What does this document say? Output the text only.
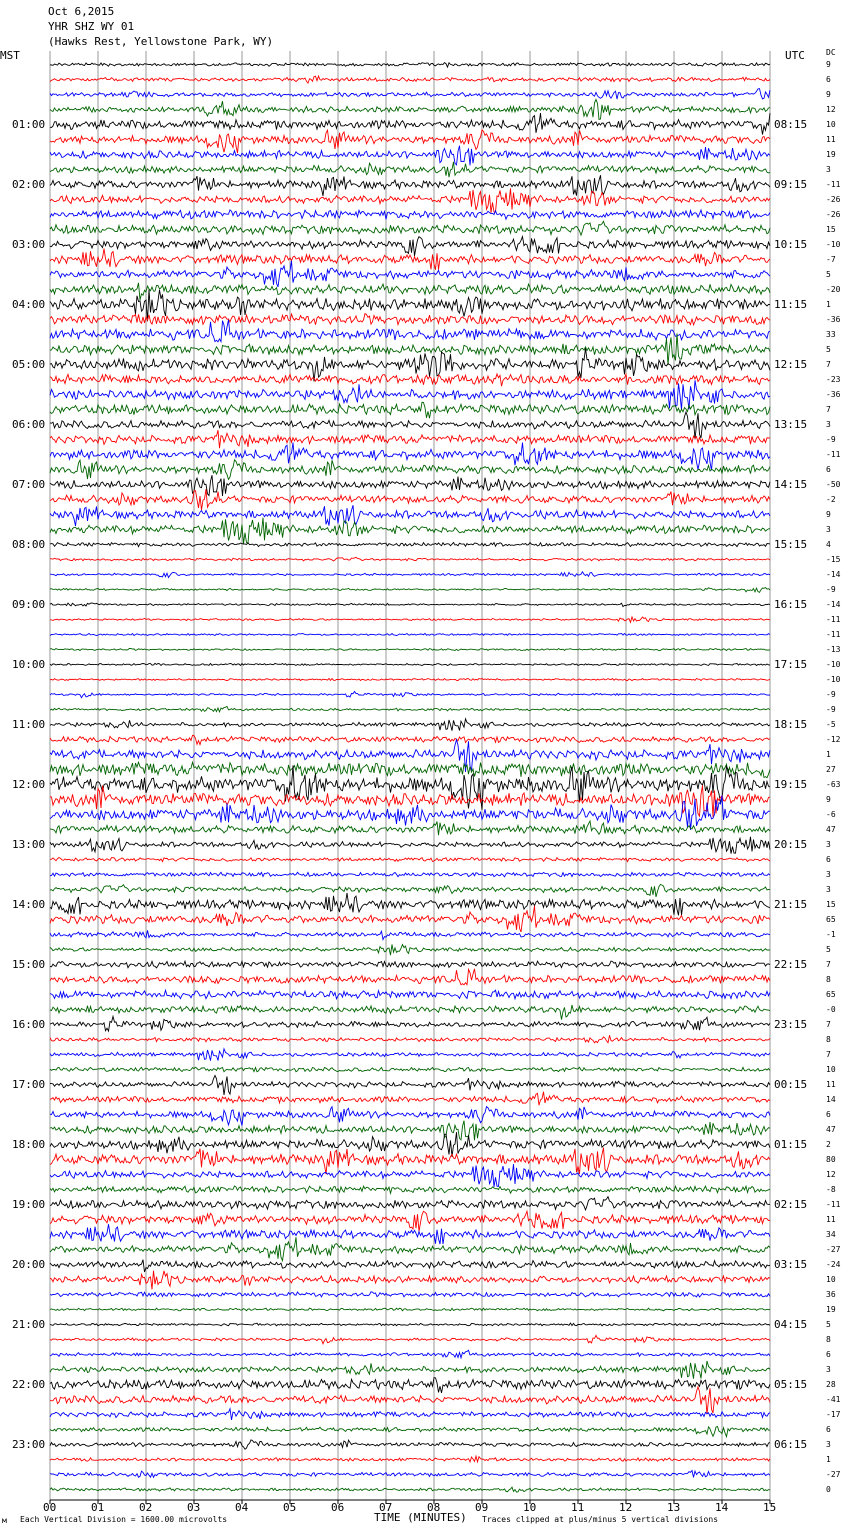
Oct 6,2015
YHR SHZ WY 01
(Hawks Rest, Yellowstone Park, WY)
MST	UTC	DC
9
6
9
12
10
11
19
3
-11
-26
-26
15
-10
-7
5
-20
1
-36
33
5
7
-23
-36
7
3
-9
-11
6
-50
-2
9
3
4
-15
-14
-9
-14
-11
-11
-13
-10
-10
-9
-9
-5
-12
1
27
-63
9
-6
47
3
6
3
3
15
65
-1
5
7
8
65
-0
7
8
7
10
11
14
6
47
2
80
12
-8
-11
11
34
-27
-24
10
36
19
5
8
6
3
28
-41
-17
6
3
1
-27
0
01:00
02:00
03:00
04:00
05:00
06:00
07:00
08:00
09:00
10:00
11:00
12:00
13:00
14:00
15:00
16:00
17:00
18:00
19:00
20:00
21:00
22:00
23:00
08:15
09:15
10:15
11:15
12:15
13:15
14:15
15:15
16:15
17:15
18:15
19:15
20:15
21:15
22:15
23:15
00:15
01:15
02:15
03:15
04:15
05:15
06:15
00	01	02	03	04	05	06	07	08	09	10	11	12	13	14	15
м Each Vertical Division = 1600.00 microvolts	TIME (MINUTES) Traces clipped at plus/minus 5 vertical divisions
